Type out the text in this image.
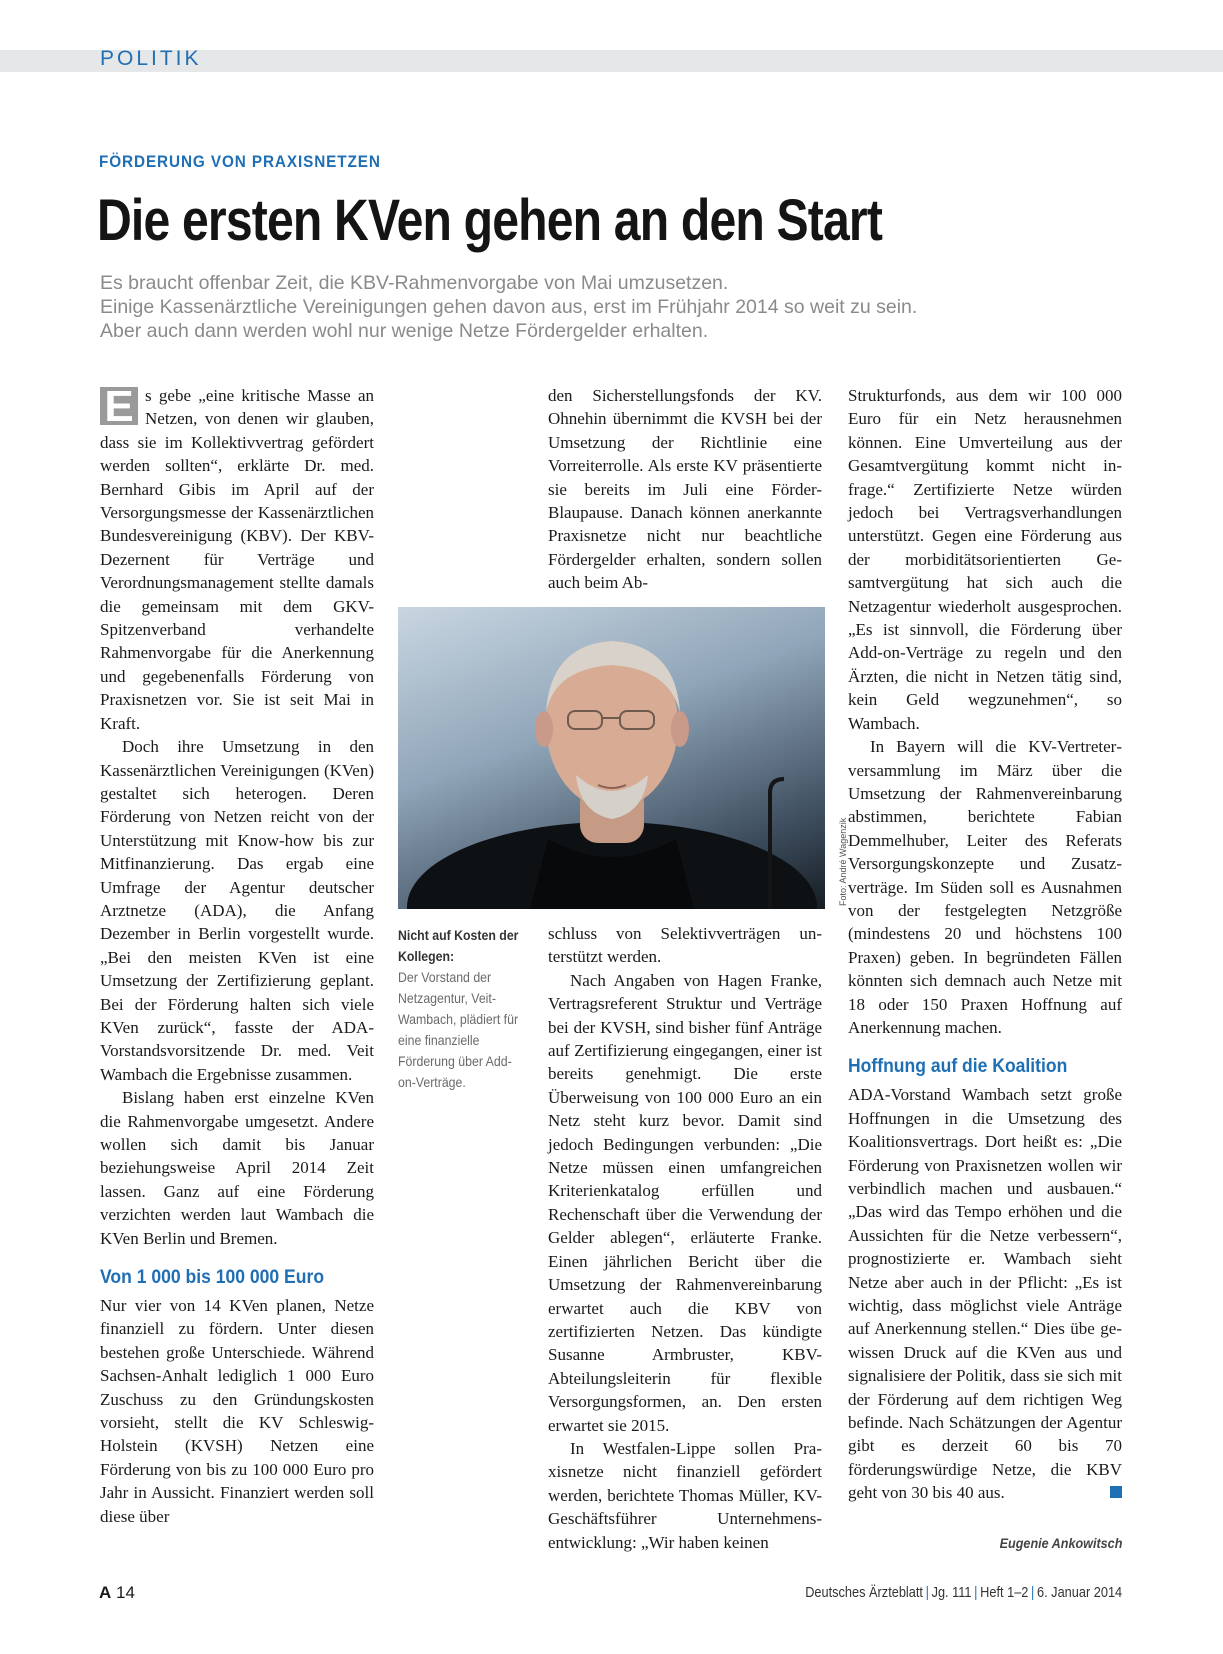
POLITIK
FÖRDERUNG VON PRAXISNETZEN
Die ersten KVen gehen an den Start
Es braucht offenbar Zeit, die KBV-Rahmenvorgabe von Mai umzusetzen.
Einige Kassenärztliche Vereinigungen gehen davon aus, erst im Frühjahr 2014 so weit zu sein.
Aber auch dann werden wohl nur wenige Netze Fördergelder erhalten.

E s gebe „eine kritische Masse an Netzen, von denen wir glauben, dass sie im Kollektivvertrag gefördert werden sollten“, erklärte Dr. med. Bernhard Gibis im April auf der Versorgungsmesse der Kassenärztlichen Bundesvereinigung (KBV). Der KBV-Dezernent für Verträge und Verordnungsmanagement stellte damals die gemeinsam mit dem GKV-Spitzenverband verhandelte Rahmenvorgabe für die Anerkennung und gegebenenfalls Förderung von Praxisnetzen vor. Sie ist seit Mai in Kraft.

Doch ihre Umsetzung in den Kassenärztlichen Vereinigungen (KVen) gestaltet sich heterogen. Deren Förderung von Netzen reicht von der Unterstützung mit Know-how bis zur Mitfinanzierung. Das ergab eine Umfrage der Agentur deutscher Arztnetze (ADA), die Anfang Dezember in Berlin vorgestellt wurde. „Bei den meisten KVen ist eine Umsetzung der Zertifizierung geplant. Bei der Förderung halten sich viele KVen zurück“, fasste der ADA-Vorstandsvorsitzende Dr. med. Veit Wambach die Ergebnisse zusammen.

Bislang haben erst einzelne KVen die Rahmenvorgabe umgesetzt. Andere wollen sich damit bis Januar beziehungsweise April 2014 Zeit lassen. Ganz auf eine Förderung verzichten werden laut Wambach die KVen Berlin und Bremen.

Von 1 000 bis 100 000 Euro

Nur vier von 14 KVen planen, Netze finanziell zu fördern. Unter diesen bestehen große Unterschiede. Während Sachsen-Anhalt lediglich 1 000 Euro Zuschuss zu den Gründungskosten vorsieht, stellt die KV Schleswig-Holstein (KVSH) Netzen eine Förderung von bis zu 100 000 Euro pro Jahr in Aussicht. Finanziert werden soll diese über

den Sicherstellungsfonds der KV. Ohnehin übernimmt die KVSH bei der Umsetzung der Richtlinie eine Vorreiterrolle. Als erste KV präsentierte sie bereits im Juli eine Förder-Blaupause. Danach können anerkannte Praxisnetze nicht nur beachtliche Fördergelder erhalten, sondern sollen auch beim Ab-

Foto: André Wagenzik
Nicht auf Kosten der Kollegen:
Der Vorstand der Netzagentur, Veit-Wambach, plädiert für eine finanzielle Förderung über Add-on-Verträge.

schluss von Selektivverträgen unterstützt werden.

Nach Angaben von Hagen Franke, Vertragsreferent Struktur und Verträge bei der KVSH, sind bisher fünf Anträge auf Zertifizierung eingegangen, einer ist bereits genehmigt. Die erste Überweisung von 100 000 Euro an ein Netz steht kurz bevor. Damit sind jedoch Bedingungen verbunden: „Die Netze müssen einen umfangreichen Kriterienkatalog erfüllen und Rechenschaft über die Verwendung der Gelder ablegen“, erläuterte Franke. Einen jährlichen Bericht über die Umsetzung der Rahmenvereinbarung erwartet auch die KBV von zertifizierten Netzen. Das kündigte Susanne Armbruster, KBV-Abteilungsleiterin für flexible Versorgungsformen, an. Den ersten erwartet sie 2015.

In Westfalen-Lippe sollen Praxisnetze nicht finanziell gefördert werden, berichtete Thomas Müller, KV-Geschäftsführer Unternehmensentwicklung: „Wir haben keinen

Strukturfonds, aus dem wir 100 000 Euro für ein Netz herausnehmen können. Eine Umverteilung aus der Gesamtvergütung kommt nicht infrage.“ Zertifizierte Netze würden jedoch bei Vertragsverhandlungen unterstützt. Gegen eine Förderung aus der morbiditätsorientierten Gesamtvergütung hat sich auch die Netzagentur wiederholt ausgesprochen. „Es ist sinnvoll, die Förderung über Add-on-Verträge zu regeln und den Ärzten, die nicht in Netzen tätig sind, kein Geld wegzunehmen“, so Wambach.

In Bayern will die KV-Vertreterversammlung im März über die Umsetzung der Rahmenvereinbarung abstimmen, berichtete Fabian Demmelhuber, Leiter des Referats Versorgungskonzepte und Zusatzverträge. Im Süden soll es Ausnahmen von der festgelegten Netzgröße (mindestens 20 und höchstens 100 Praxen) geben. In begründeten Fällen könnten sich demnach auch Netze mit 18 oder 150 Praxen Hoffnung auf Anerkennung machen.

Hoffnung auf die Koalition

ADA-Vorstand Wambach setzt große Hoffnungen in die Umsetzung des Koalitionsvertrags. Dort heißt es: „Die Förderung von Praxisnetzen wollen wir verbindlich machen und ausbauen.“ „Das wird das Tempo erhöhen und die Aussichten für die Netze verbessern“, prognostizierte er. Wambach sieht Netze aber auch in der Pflicht: „Es ist wichtig, dass möglichst viele Anträge auf Anerkennung stellen.“ Dies übe gewissen Druck auf die KVen aus und signalisiere der Politik, dass sie sich mit der Förderung auf dem richtigen Weg befinde. Nach Schätzungen der Agentur gibt es derzeit 60 bis 70 förderungswürdige Netze, die KBV geht von 30 bis 40 aus.

Eugenie Ankowitsch
A 14	Deutsches Ärzteblatt | Jg. 111 | Heft 1–2 | 6. Januar 2014
